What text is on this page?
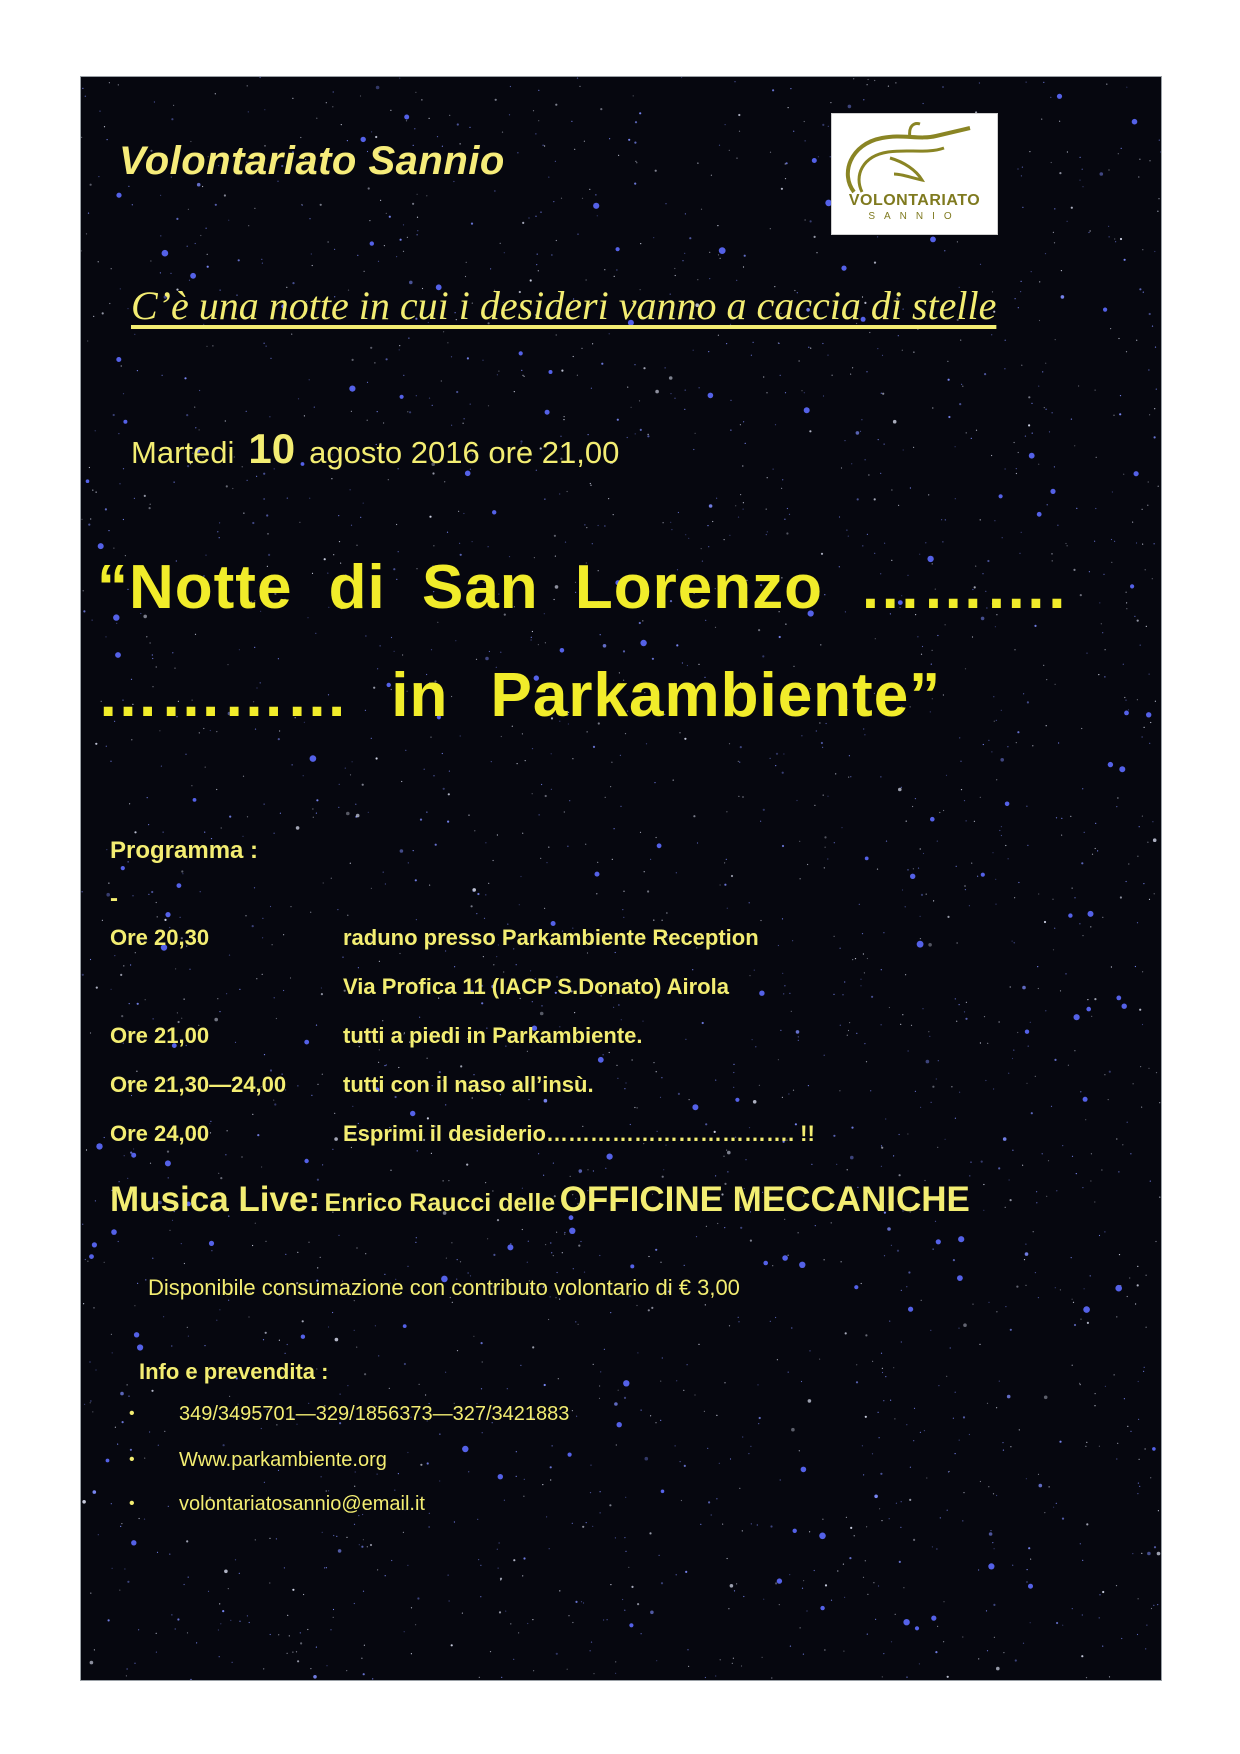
Volontariato Sannio
VOLONTARIATO
SANNIO
C’è una notte in cui i desideri vanno a caccia di stelle
Martedi 10 agosto 2016 ore 21,00
“Notte di San Lorenzo ……….
………… in Parkambiente”
Programma :
-
Ore 20,30	raduno presso Parkambiente Reception
Via Profica 11 (IACP S.Donato) Airola
Ore 21,00	tutti a piedi in Parkambiente.
Ore 21,30—24,00	tutti con il naso all’insù.
Ore 24,00	Esprimi il desiderio……………………………. !!
Musica Live: Enrico Raucci delle OFFICINE MECCANICHE
Disponibile consumazione con contributo volontario di € 3,00
Info e prevendita :
• 349/3495701—329/1856373—327/3421883
• Www.parkambiente.org
• volontariatosannio@email.it
